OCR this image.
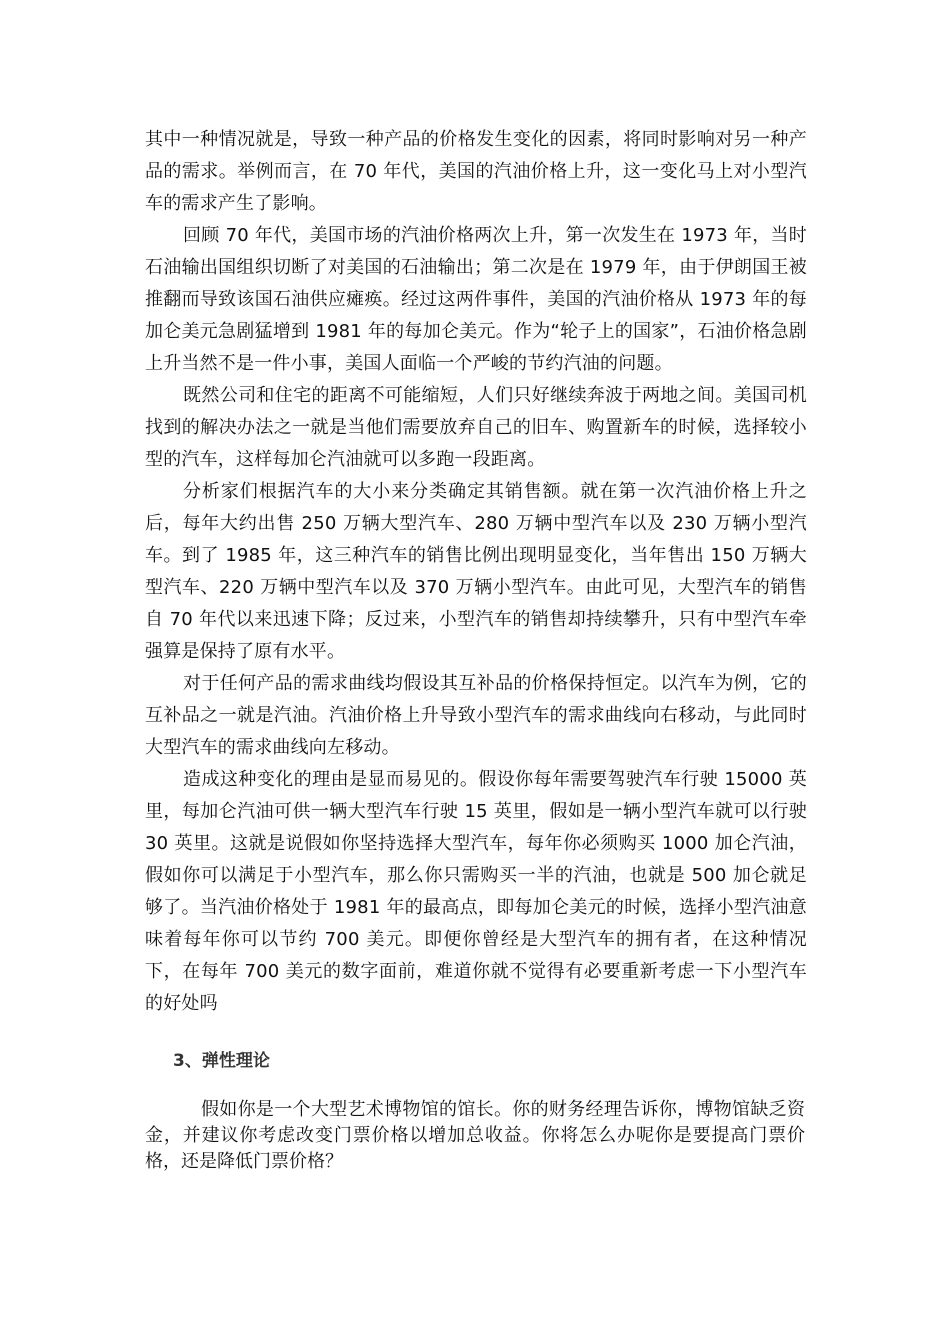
其中一种情况就是，导致一种产品的价格发生变化的因素，将同时影响对另一种产品的需求。举例而言，在 70 年代，美国的汽油价格上升，这一变化马上对小型汽车的需求产生了影响。

回顾 70 年代，美国市场的汽油价格两次上升，第一次发生在 1973 年，当时石油输出国组织切断了对美国的石油输出；第二次是在 1979 年，由于伊朗国王被推翻而导致该国石油供应瘫痪。经过这两件事件，美国的汽油价格从 1973 年的每加仑美元急剧猛增到 1981 年的每加仑美元。作为“轮子上的国家”，石油价格急剧上升当然不是一件小事，美国人面临一个严峻的节约汽油的问题。

既然公司和住宅的距离不可能缩短，人们只好继续奔波于两地之间。美国司机找到的解决办法之一就是当他们需要放弃自己的旧车、购置新车的时候，选择较小型的汽车，这样每加仑汽油就可以多跑一段距离。

分析家们根据汽车的大小来分类确定其销售额。就在第一次汽油价格上升之后，每年大约出售 250 万辆大型汽车、280 万辆中型汽车以及 230 万辆小型汽车。到了 1985 年，这三种汽车的销售比例出现明显变化，当年售出 150 万辆大型汽车、220 万辆中型汽车以及 370 万辆小型汽车。由此可见，大型汽车的销售自 70 年代以来迅速下降；反过来，小型汽车的销售却持续攀升，只有中型汽车牵强算是保持了原有水平。

对于任何产品的需求曲线均假设其互补品的价格保持恒定。以汽车为例，它的互补品之一就是汽油。汽油价格上升导致小型汽车的需求曲线向右移动，与此同时大型汽车的需求曲线向左移动。

造成这种变化的理由是显而易见的。假设你每年需要驾驶汽车行驶 15000 英里，每加仑汽油可供一辆大型汽车行驶 15 英里，假如是一辆小型汽车就可以行驶 30 英里。这就是说假如你坚持选择大型汽车，每年你必须购买 1000 加仑汽油，假如你可以满足于小型汽车，那么你只需购买一半的汽油，也就是 500 加仑就足够了。当汽油价格处于 1981 年的最高点，即每加仑美元的时候，选择小型汽油意味着每年你可以节约 700 美元。即便你曾经是大型汽车的拥有者，在这种情况下，在每年 700 美元的数字面前，难道你就不觉得有必要重新考虑一下小型汽车的好处吗

3、弹性理论

假如你是一个大型艺术博物馆的馆长。你的财务经理告诉你，博物馆缺乏资金，并建议你考虑改变门票价格以增加总收益。你将怎么办呢你是要提高门票价格，还是降低门票价格？
